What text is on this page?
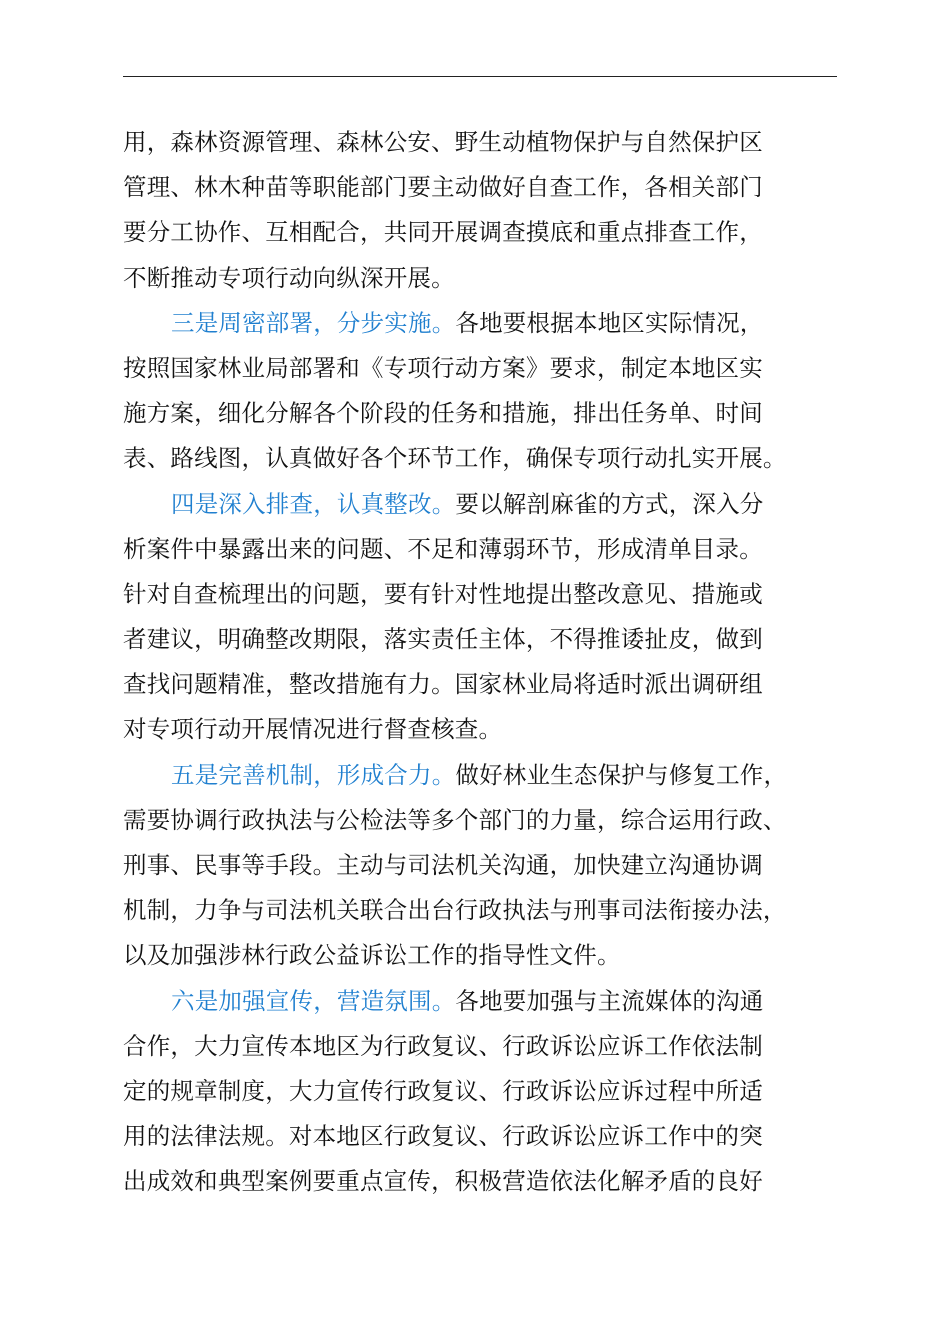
用，森林资源管理、森林公安、野生动植物保护与自然保护区
管理、林木种苗等职能部门要主动做好自查工作，各相关部门
要分工协作、互相配合，共同开展调查摸底和重点排查工作，
不断推动专项行动向纵深开展。
三是周密部署，分步实施。各地要根据本地区实际情况，
按照国家林业局部署和《专项行动方案》要求，制定本地区实
施方案，细化分解各个阶段的任务和措施，排出任务单、时间
表、路线图，认真做好各个环节工作，确保专项行动扎实开展。
四是深入排查，认真整改。要以解剖麻雀的方式，深入分
析案件中暴露出来的问题、不足和薄弱环节，形成清单目录。
针对自查梳理出的问题，要有针对性地提出整改意见、措施或
者建议，明确整改期限，落实责任主体，不得推诿扯皮，做到
查找问题精准，整改措施有力。国家林业局将适时派出调研组
对专项行动开展情况进行督查核查。
五是完善机制，形成合力。做好林业生态保护与修复工作，
需要协调行政执法与公检法等多个部门的力量，综合运用行政、
刑事、民事等手段。主动与司法机关沟通，加快建立沟通协调
机制，力争与司法机关联合出台行政执法与刑事司法衔接办法，
以及加强涉林行政公益诉讼工作的指导性文件。
六是加强宣传，营造氛围。各地要加强与主流媒体的沟通
合作，大力宣传本地区为行政复议、行政诉讼应诉工作依法制
定的规章制度，大力宣传行政复议、行政诉讼应诉过程中所适
用的法律法规。对本地区行政复议、行政诉讼应诉工作中的突
出成效和典型案例要重点宣传，积极营造依法化解矛盾的良好
